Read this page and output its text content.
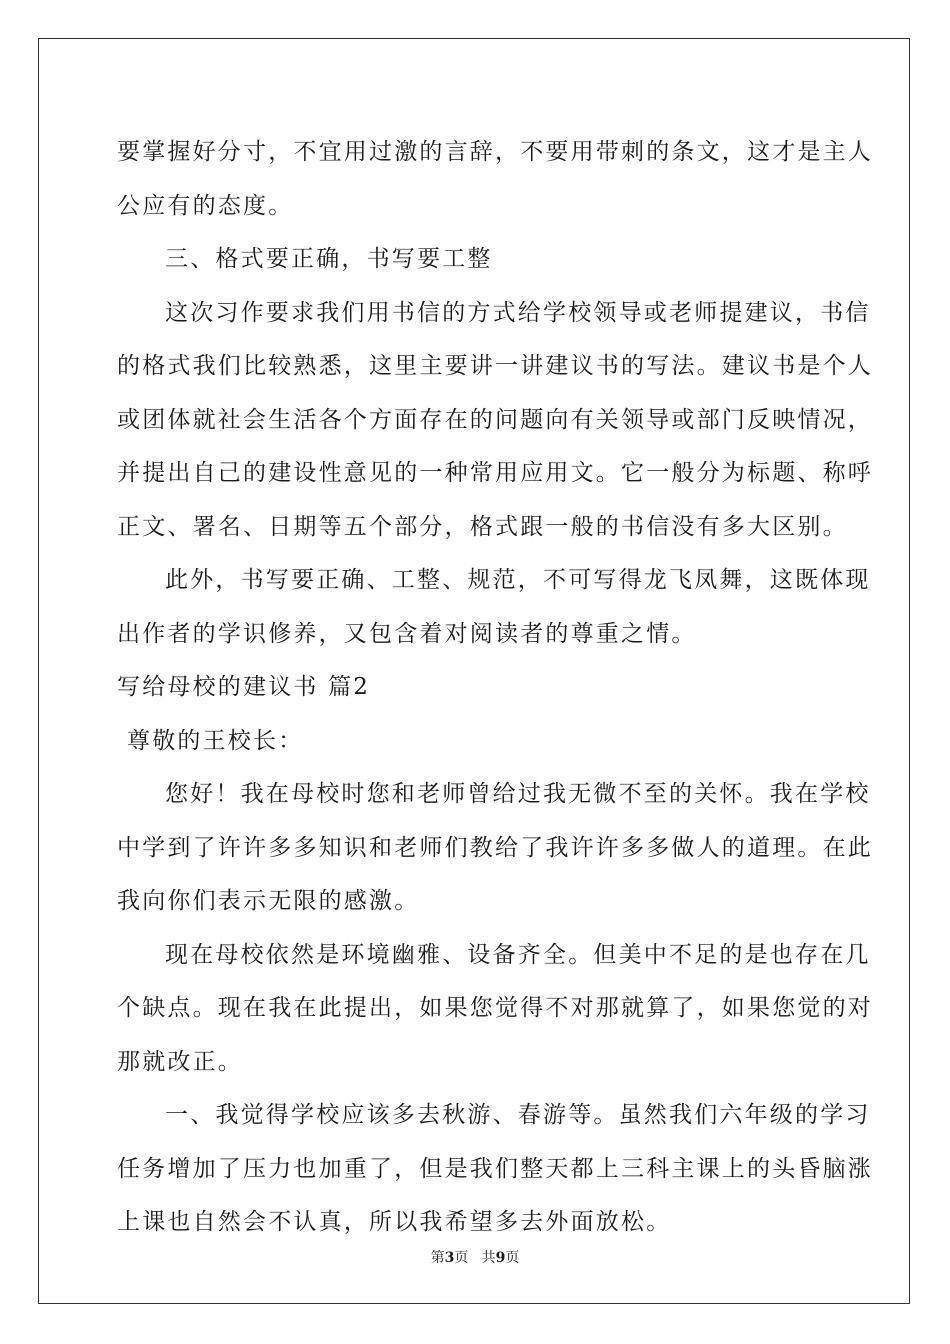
要掌握好分寸，不宜用过激的言辞，不要用带刺的条文，这才是主人
公应有的态度。
三、格式要正确，书写要工整
这次习作要求我们用书信的方式给学校领导或老师提建议，书信
的格式我们比较熟悉，这里主要讲一讲建议书的写法。建议书是个人
或团体就社会生活各个方面存在的问题向有关领导或部门反映情况，
并提出自己的建设性意见的一种常用应用文。它一般分为标题、称呼
正文、署名、日期等五个部分，格式跟一般的书信没有多大区别。
此外，书写要正确、工整、规范，不可写得龙飞凤舞，这既体现
出作者的学识修养，又包含着对阅读者的尊重之情。
写给母校的建议书 篇2
尊敬的王校长：
您好！我在母校时您和老师曾给过我无微不至的关怀。我在学校
中学到了许许多多知识和老师们教给了我许许多多做人的道理。在此
我向你们表示无限的感激。
现在母校依然是环境幽雅、设备齐全。但美中不足的是也存在几
个缺点。现在我在此提出，如果您觉得不对那就算了，如果您觉的对
那就改正。
一、我觉得学校应该多去秋游、春游等。虽然我们六年级的学习
任务增加了压力也加重了，但是我们整天都上三科主课上的头昏脑涨
上课也自然会不认真，所以我希望多去外面放松。
第3页   共9页
